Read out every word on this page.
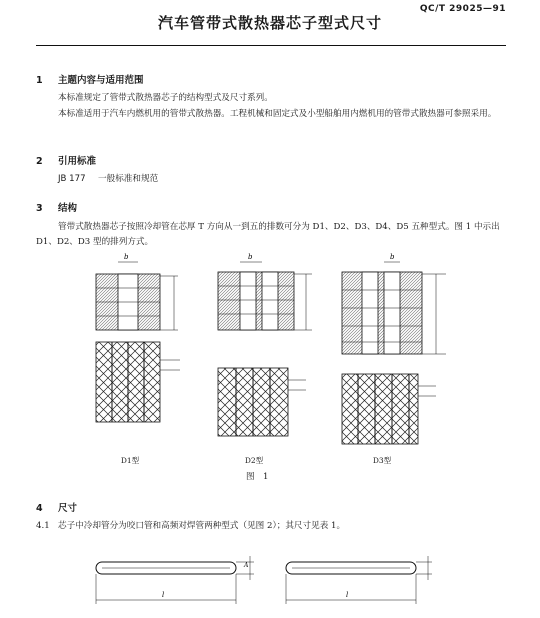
QC/T 29025—91
汽车管带式散热器芯子型式尺寸
1 主题内容与适用范围
本标准规定了管带式散热器芯子的结构型式及尺寸系列。
本标准适用于汽车内燃机用的管带式散热器。工程机械和固定式及小型船舶用内燃机用的管带式散热器可参照采用。
2 引用标准
JB 177 一般标准和规范
3 结构
管带式散热器芯子按照冷却管在芯厚 T 方向从一到五的排数可分为 D1、D2、D3、D4、D5 五种型式。图 1 中示出 D1、D2、D3 型的排列方式。
b	b	b
l
A
l
D1型	D2型	D3型
图　1
4 尺寸
4.1 芯子中冷却管分为咬口管和高频对焊管两种型式（见图 2）；其尺寸见表 1。
